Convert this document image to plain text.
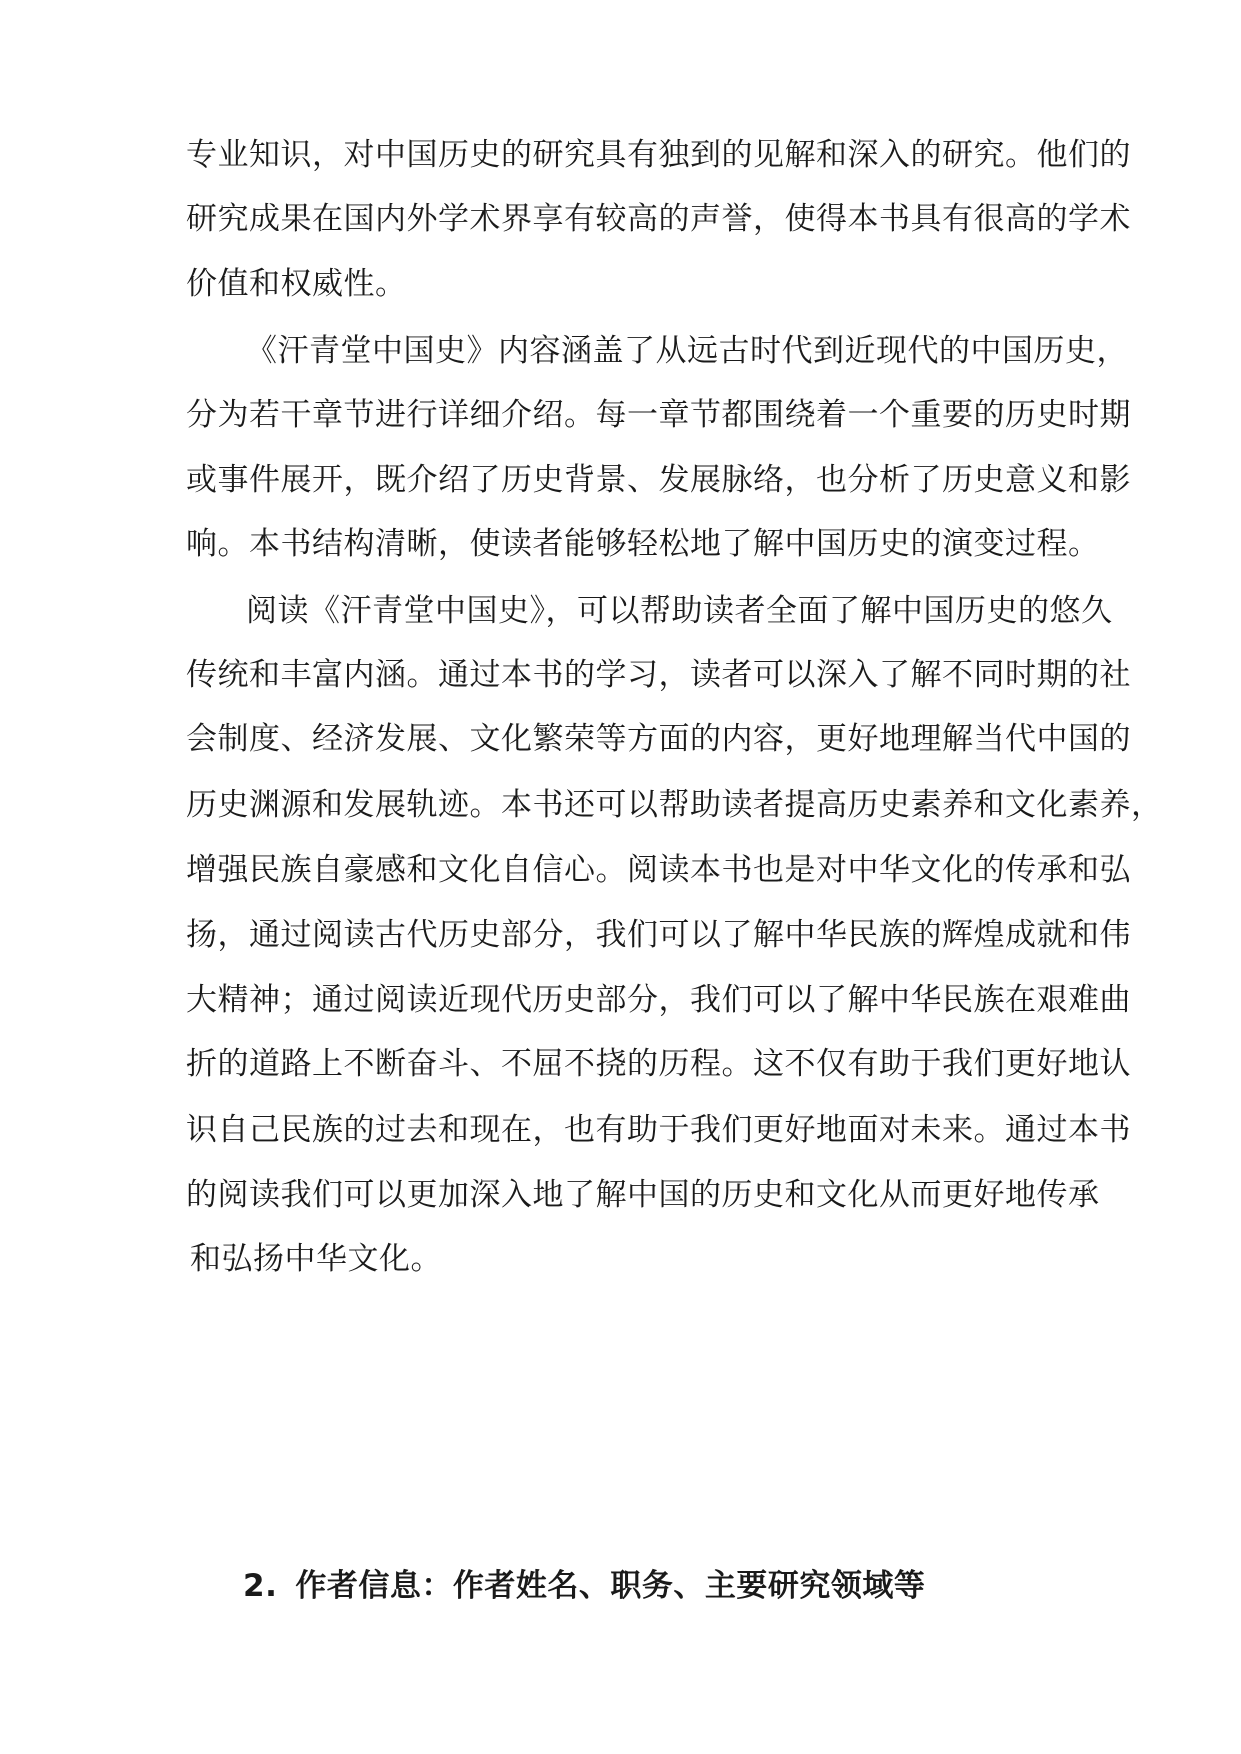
专业知识，对中国历史的研究具有独到的见解和深入的研究。他们的
研究成果在国内外学术界享有较高的声誉，使得本书具有很高的学术
价值和权威性。
《汗青堂中国史》内容涵盖了从远古时代到近现代的中国历史，
分为若干章节进行详细介绍。每一章节都围绕着一个重要的历史时期
或事件展开，既介绍了历史背景、发展脉络，也分析了历史意义和影
响。本书结构清晰，使读者能够轻松地了解中国历史的演变过程。
阅读《汗青堂中国史》，可以帮助读者全面了解中国历史的悠久
传统和丰富内涵。通过本书的学习，读者可以深入了解不同时期的社
会制度、经济发展、文化繁荣等方面的内容，更好地理解当代中国的
历史渊源和发展轨迹。本书还可以帮助读者提高历史素养和文化素养，
增强民族自豪感和文化自信心。阅读本书也是对中华文化的传承和弘
扬，通过阅读古代历史部分，我们可以了解中华民族的辉煌成就和伟
大精神；通过阅读近现代历史部分，我们可以了解中华民族在艰难曲
折的道路上不断奋斗、不屈不挠的历程。这不仅有助于我们更好地认
识自己民族的过去和现在，也有助于我们更好地面对未来。通过本书
的阅读我们可以更加深入地了解中国的历史和文化从而更好地传承
和弘扬中华文化。
2. 作者信息：作者姓名、职务、主要研究领域等
